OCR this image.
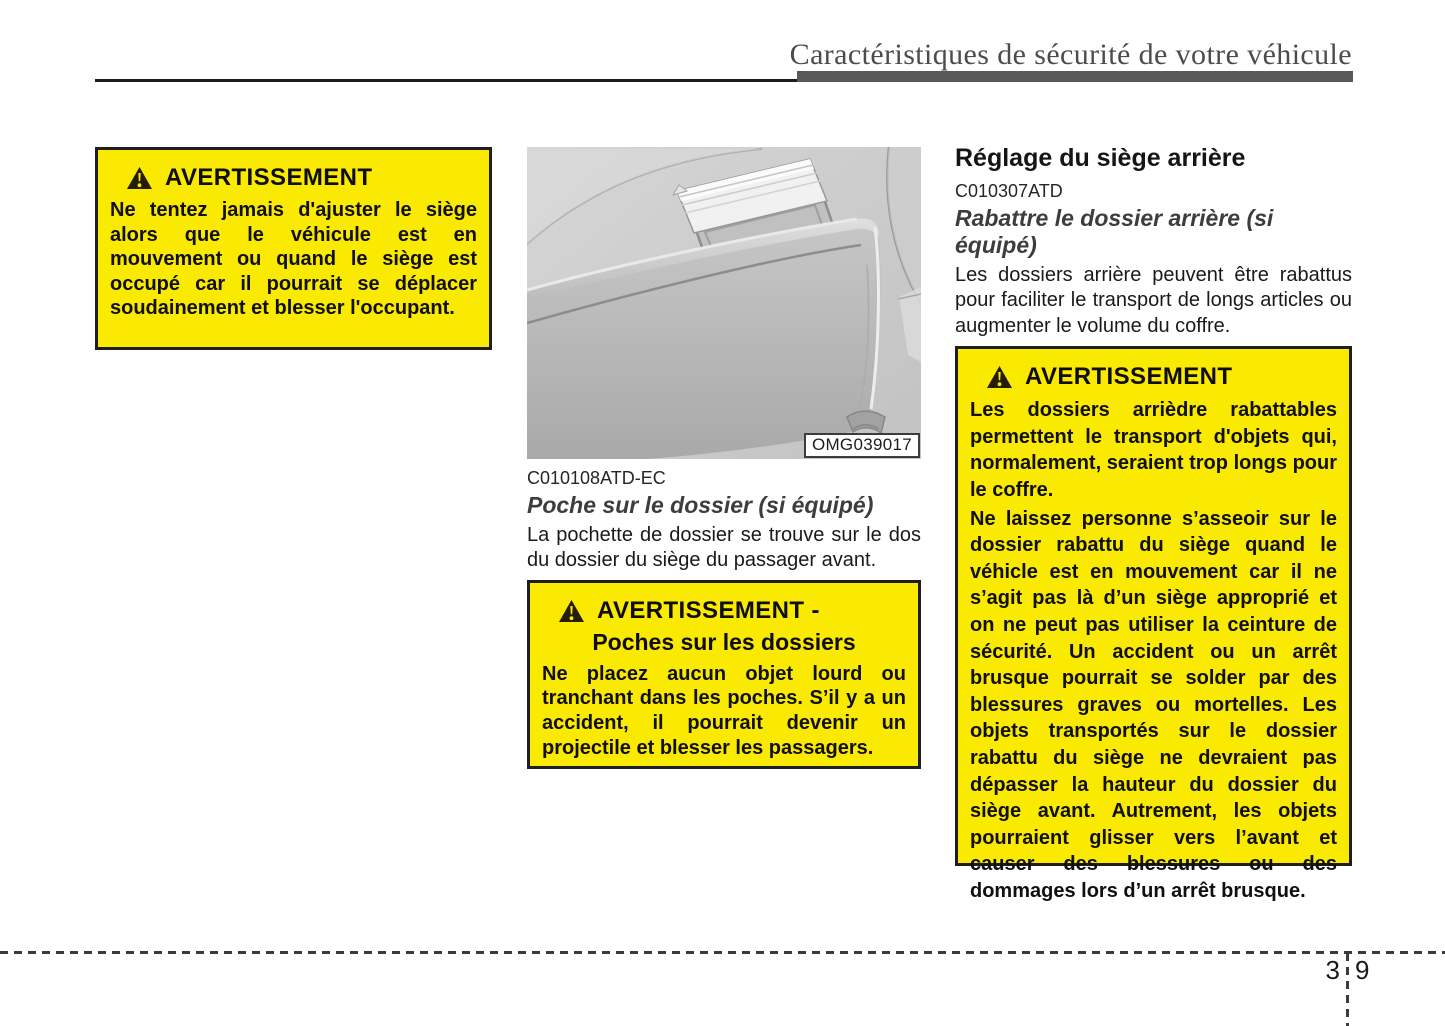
Caractéristiques de sécurité de votre véhicule
AVERTISSEMENT

Ne tentez jamais d'ajuster le siège alors que le véhicule est en mouvement ou quand le siège est occupé car il pourrait se déplacer soudainement et blesser l'occupant.

OMG039017

C010108ATD-EC

Poche sur le dossier (si équipé)

La pochette de dossier se trouve sur le dos du dossier du siège du passager avant.

AVERTISSEMENT -
Poches sur les dossiers

Ne placez aucun objet lourd ou tranchant dans les poches. S’il y a un accident, il pourrait devenir un projectile et blesser les passagers.

Réglage du siège arrière

C010307ATD

Rabattre le dossier arrière (si équipé)

Les dossiers arrière peuvent être rabattus pour faciliter le transport de longs articles ou augmenter le volume du coffre.

AVERTISSEMENT

Les dossiers arrièdre rabattables permettent le transport d'objets qui, normalement, seraient trop longs pour le coffre.

Ne laissez personne s’asseoir sur le dossier rabattu du siège quand le véhicle est en mouvement car il ne s’agit pas là d’un siège approprié et on ne peut pas utiliser la ceinture de sécurité. Un accident ou un arrêt brusque pourrait se solder par des blessures graves ou mortelles. Les objets transportés sur le dossier rabattu du siège ne devraient pas dépasser la hauteur du dossier du siège avant. Autrement, les objets pourraient glisser vers l’avant et causer des blessures ou des dommages lors d’un arrêt brusque.

3 9
